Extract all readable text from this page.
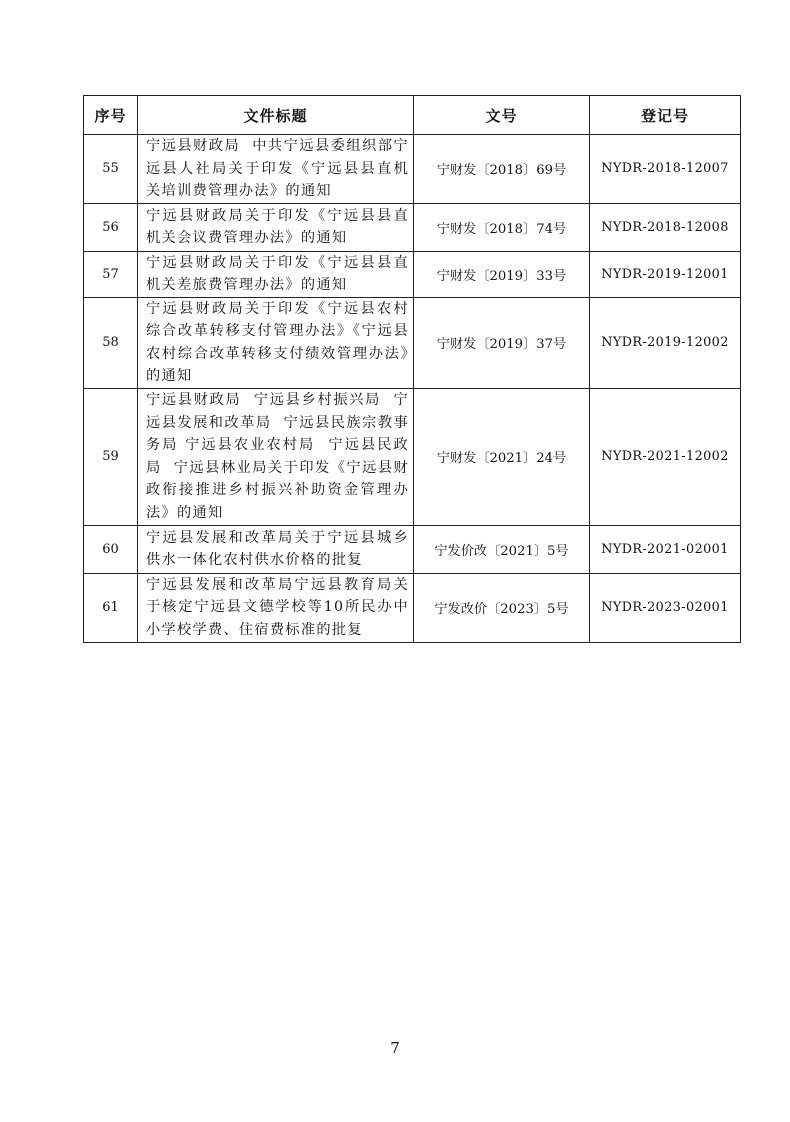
序号	文件标题	文号	登记号
55	宁远县财政局  中共宁远县委组织部宁远县人社局关于印发《宁远县县直机关培训费管理办法》的通知	宁财发〔2018〕69号	NYDR-2018-12007
56	宁远县财政局关于印发《宁远县县直机关会议费管理办法》的通知	宁财发〔2018〕74号	NYDR-2018-12008
57	宁远县财政局关于印发《宁远县县直机关差旅费管理办法》的通知	宁财发〔2019〕33号	NYDR-2019-12001
58	宁远县财政局关于印发《宁远县农村综合改革转移支付管理办法》《宁远县农村综合改革转移支付绩效管理办法》的通知	宁财发〔2019〕37号	NYDR-2019-12002
59	宁远县财政局  宁远县乡村振兴局  宁远县发展和改革局  宁远县民族宗教事务局 宁远县农业农村局  宁远县民政局  宁远县林业局关于印发《宁远县财政衔接推进乡村振兴补助资金管理办法》的通知	宁财发〔2021〕24号	NYDR-2021-12002
60	宁远县发展和改革局关于宁远县城乡供水一体化农村供水价格的批复	宁发价改〔2021〕5号	NYDR-2021-02001
61	宁远县发展和改革局宁远县教育局关于核定宁远县文德学校等10所民办中小学校学费、住宿费标准的批复	宁发改价〔2023〕5号	NYDR-2023-02001
7
